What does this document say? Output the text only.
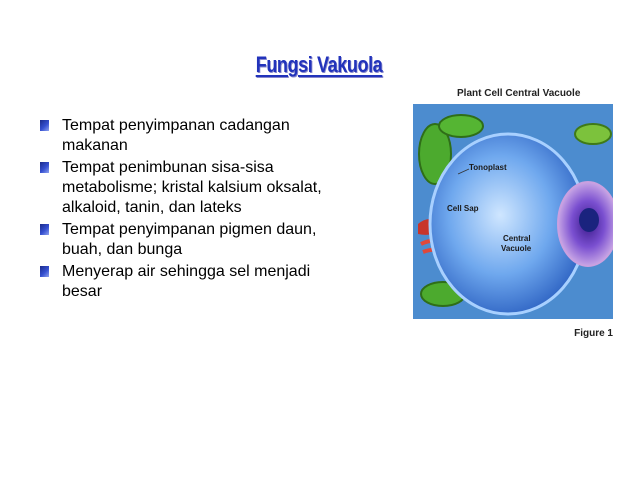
Fungsi Vakuola
Tempat penyimpanan cadangan makanan
Tempat penimbunan sisa-sisa metabolisme; kristal kalsium oksalat, alkaloid, tanin, dan lateks
Tempat penyimpanan pigmen daun, buah, dan bunga
Menyerap air sehingga sel menjadi besar
Plant Cell Central Vacuole
Tonoplast
Cell Sap
Central
Vacuole
Figure 1
